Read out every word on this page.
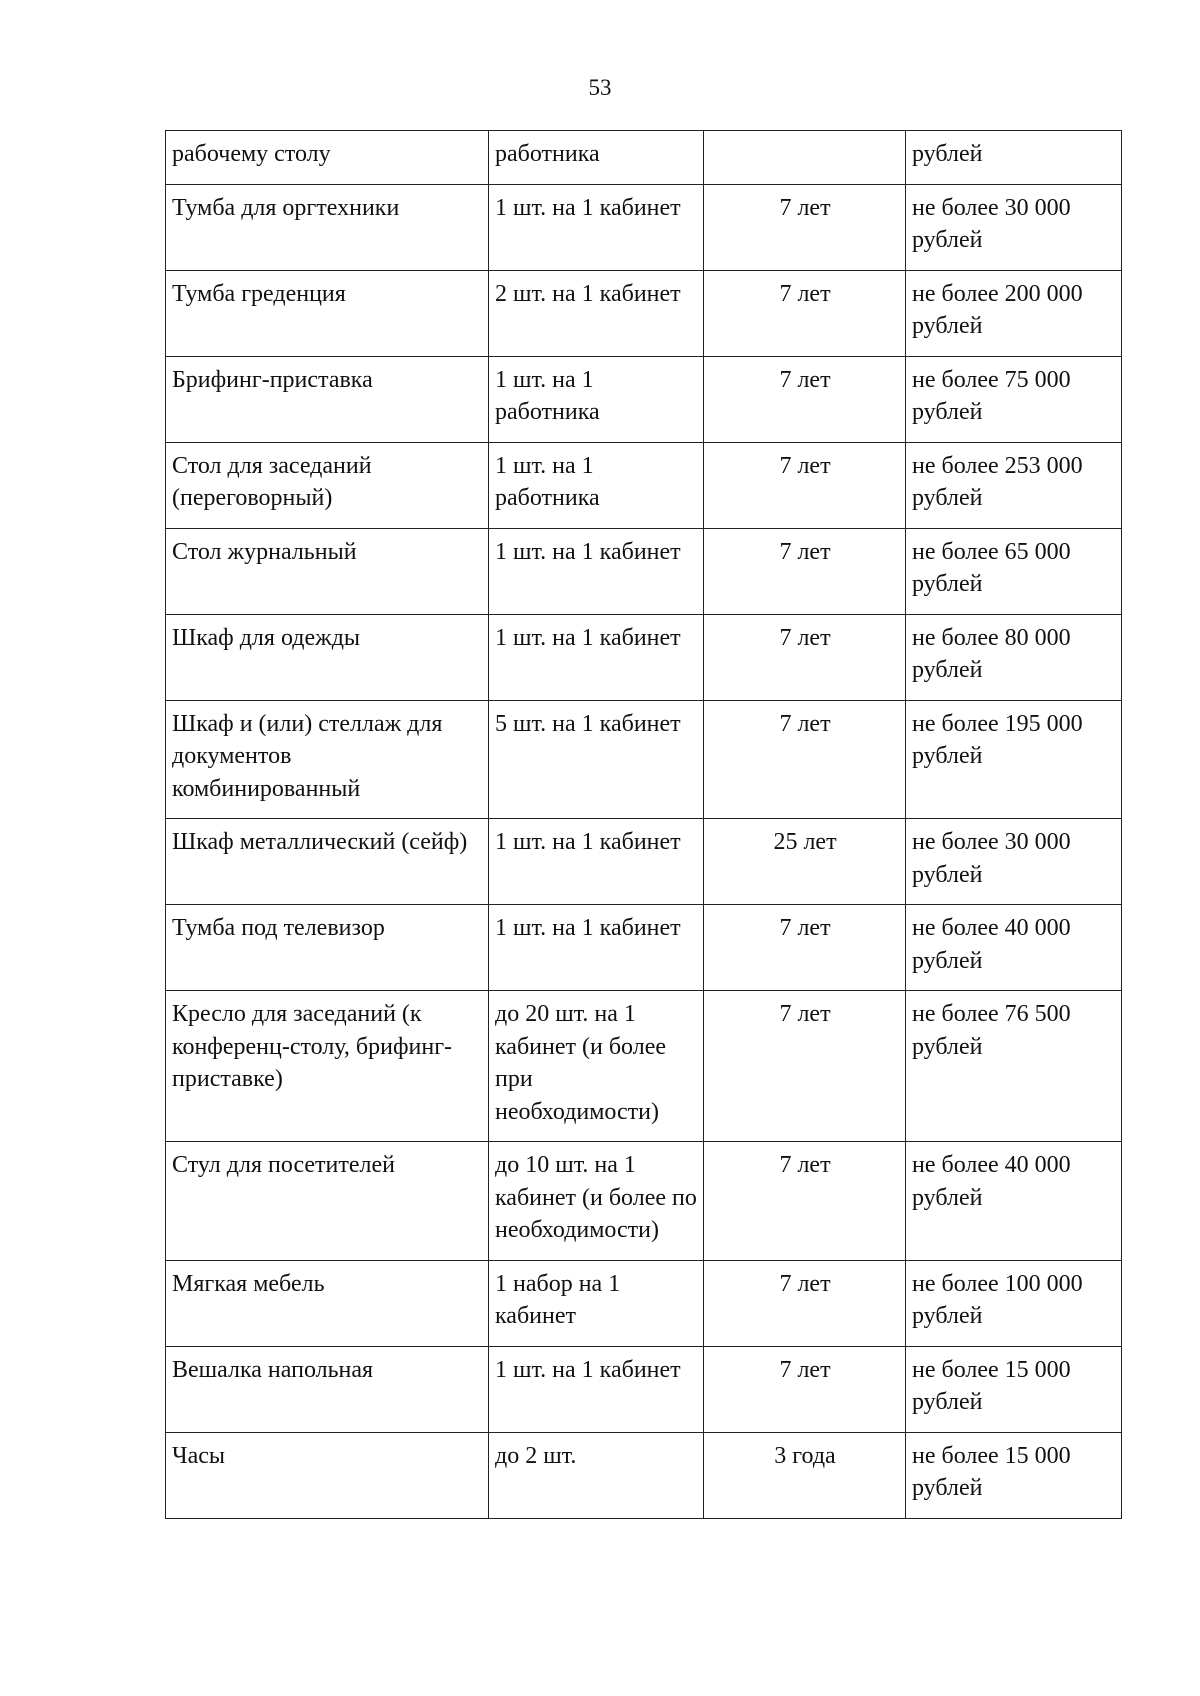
53
рабочему столу	работника		рублей
Тумба для оргтехники	1 шт. на 1 кабинет	7 лет	не более 30 000 рублей
Тумба греденция	2 шт. на 1 кабинет	7 лет	не более 200 000 рублей
Брифинг-приставка	1 шт. на 1 работника	7 лет	не более 75 000 рублей
Стол для заседаний (переговорный)	1 шт. на 1 работника	7 лет	не более 253 000 рублей
Стол журнальный	1 шт. на 1 кабинет	7 лет	не более 65 000 рублей
Шкаф для одежды	1 шт. на 1 кабинет	7 лет	не более 80 000 рублей
Шкаф и (или) стеллаж для документов комбинированный	5 шт. на 1 кабинет	7 лет	не более 195 000 рублей
Шкаф металлический (сейф)	1 шт. на 1 кабинет	25 лет	не более 30 000 рублей
Тумба под телевизор	1 шт. на 1 кабинет	7 лет	не более 40 000 рублей
Кресло для заседаний (к конференц-столу, брифинг-приставке)	до 20 шт. на 1 кабинет (и более при необходимости)	7 лет	не более 76 500 рублей
Стул для посетителей	до 10 шт. на 1 кабинет (и более по необходимости)	7 лет	не более 40 000 рублей
Мягкая мебель	1 набор на 1 кабинет	7 лет	не более 100 000 рублей
Вешалка напольная	1 шт. на 1 кабинет	7 лет	не более 15 000 рублей
Часы	до 2 шт.	3 года	не более 15 000 рублей
